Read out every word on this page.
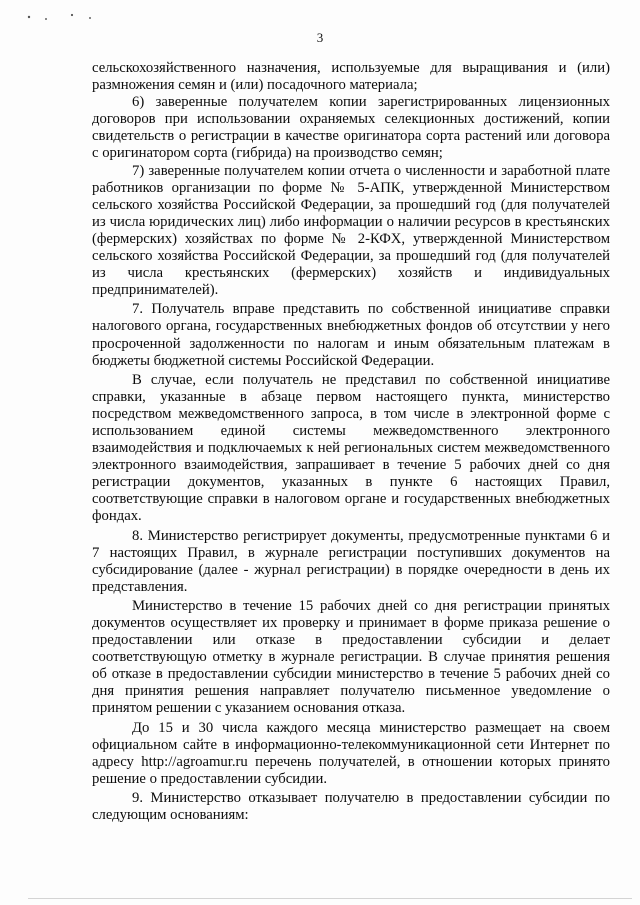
3

сельскохозяйственного назначения, используемые для выращивания и (или) размножения семян и (или) посадочного материала;

6) заверенные получателем копии зарегистрированных лицензионных договоров при использовании охраняемых селекционных достижений, копии свидетельств о регистрации в качестве оригинатора сорта растений или договора с оригинатором сорта (гибрида) на производство семян;

7) заверенные получателем копии отчета о численности и заработной плате работников организации по форме № 5-АПК, утвержденной Министерством сельского хозяйства Российской Федерации, за прошедший год (для получателей из числа юридических лиц) либо информации о наличии ресурсов в крестьянских (фермерских) хозяйствах по форме № 2-КФХ, утвержденной Министерством сельского хозяйства Российской Федерации, за прошедший год (для получателей из числа крестьянских (фермерских) хозяйств и индивидуальных предпринимателей).

7. Получатель вправе представить по собственной инициативе справки налогового органа, государственных внебюджетных фондов об отсутствии у него просроченной задолженности по налогам и иным обязательным платежам в бюджеты бюджетной системы Российской Федерации.

В случае, если получатель не представил по собственной инициативе справки, указанные в абзаце первом настоящего пункта, министерство посредством межведомственного запроса, в том числе в электронной форме с использованием единой системы межведомственного электронного взаимодействия и подключаемых к ней региональных систем межведомственного электронного взаимодействия, запрашивает в течение 5 рабочих дней со дня регистрации документов, указанных в пункте 6 настоящих Правил, соответствующие справки в налоговом органе и государственных внебюджетных фондах.

8. Министерство регистрирует документы, предусмотренные пунктами 6 и 7 настоящих Правил, в журнале регистрации поступивших документов на субсидирование (далее - журнал регистрации) в порядке очередности в день их представления.

Министерство в течение 15 рабочих дней со дня регистрации принятых документов осуществляет их проверку и принимает в форме приказа решение о предоставлении или отказе в предоставлении субсидии и делает соответствующую отметку в журнале регистрации. В случае принятия решения об отказе в предоставлении субсидии министерство в течение 5 рабочих дней со дня принятия решения направляет получателю письменное уведомление о принятом решении с указанием основания отказа.

До 15 и 30 числа каждого месяца министерство размещает на своем официальном сайте в информационно-телекоммуникационной сети Интернет по адресу http://agroamur.ru перечень получателей, в отношении которых принято решение о предоставлении субсидии.

9. Министерство отказывает получателю в предоставлении субсидии по следующим основаниям:
